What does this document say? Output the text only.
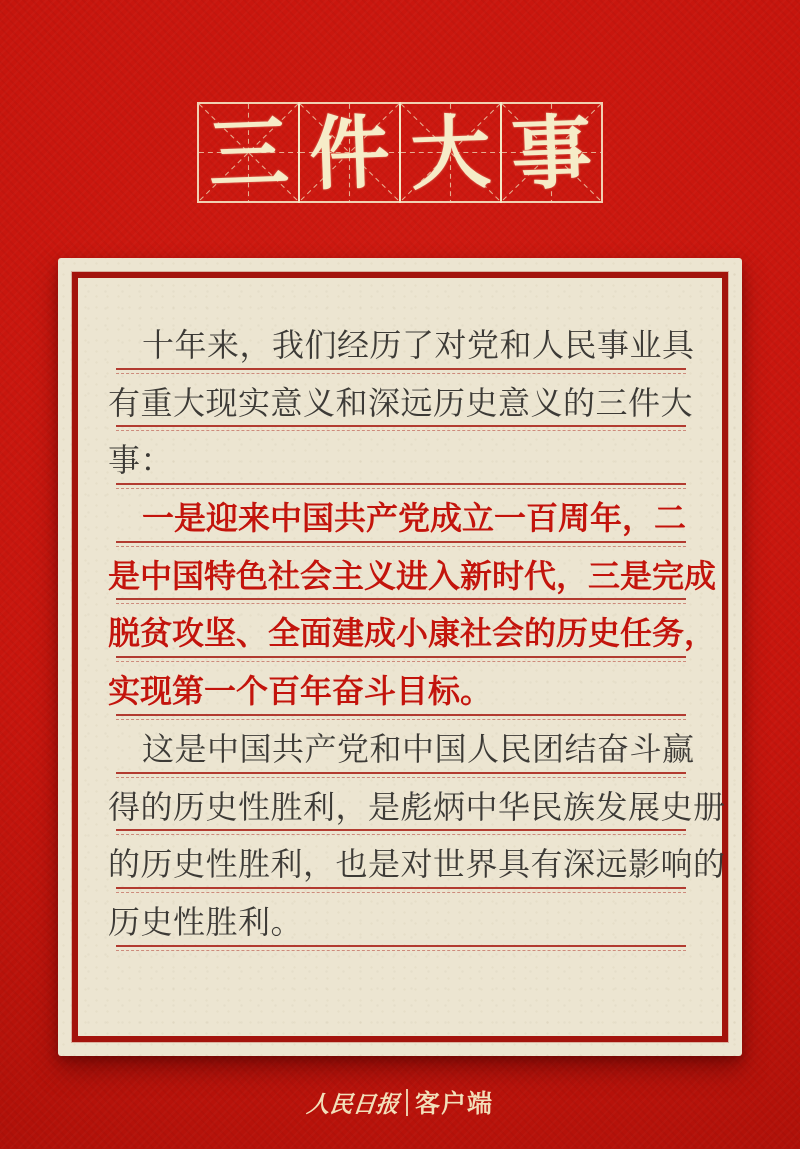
三 件 大 事
十年来，我们经历了对党和人民事业具
有重大现实意义和深远历史意义的三件大
事：
一是迎来中国共产党成立一百周年，二
是中国特色社会主义进入新时代，三是完成
脱贫攻坚、全面建成小康社会的历史任务，
实现第一个百年奋斗目标。
这是中国共产党和中国人民团结奋斗赢
得的历史性胜利，是彪炳中华民族发展史册
的历史性胜利，也是对世界具有深远影响的
历史性胜利。
人民日报 客户端
